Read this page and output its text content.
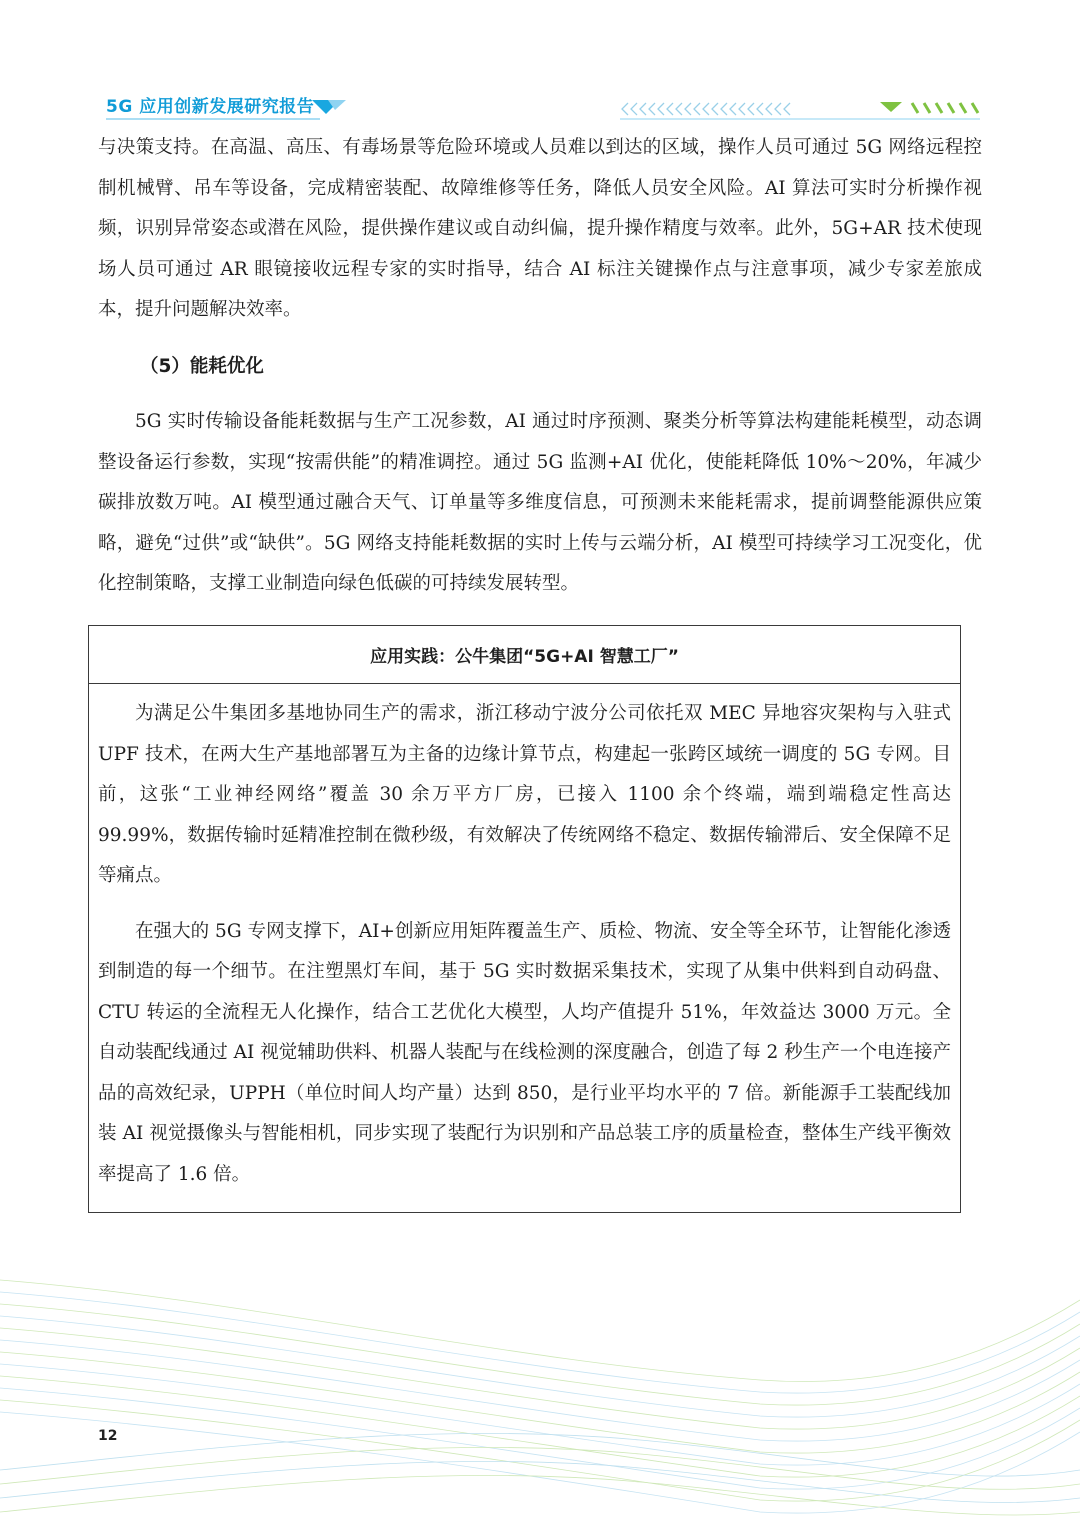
5G 应用创新发展研究报告

与决策支持。在高温、高压、有毒场景等危险环境或人员难以到达的区域，操作人员可通过 5G 网络远程控制机械臂、吊车等设备，完成精密装配、故障维修等任务，降低人员安全风险。AI 算法可实时分析操作视频，识别异常姿态或潜在风险，提供操作建议或自动纠偏，提升操作精度与效率。此外，5G+AR 技术使现场人员可通过 AR 眼镜接收远程专家的实时指导，结合 AI 标注关键操作点与注意事项，减少专家差旅成本，提升问题解决效率。

（5）能耗优化

5G 实时传输设备能耗数据与生产工况参数，AI 通过时序预测、聚类分析等算法构建能耗模型，动态调整设备运行参数，实现“按需供能”的精准调控。通过 5G 监测+AI 优化，使能耗降低 10%～20%，年减少碳排放数万吨。AI 模型通过融合天气、订单量等多维度信息，可预测未来能耗需求，提前调整能源供应策略，避免“过供”或“缺供”。5G 网络支持能耗数据的实时上传与云端分析，AI 模型可持续学习工况变化，优化控制策略，支撑工业制造向绿色低碳的可持续发展转型。

应用实践：公牛集团“5G+AI 智慧工厂”

为满足公牛集团多基地协同生产的需求，浙江移动宁波分公司依托双 MEC 异地容灾架构与入驻式 UPF 技术，在两大生产基地部署互为主备的边缘计算节点，构建起一张跨区域统一调度的 5G 专网。目前，这张“工业神经网络”覆盖 30 余万平方厂房，已接入 1100 余个终端，端到端稳定性高达 99.99%，数据传输时延精准控制在微秒级，有效解决了传统网络不稳定、数据传输滞后、安全保障不足等痛点。

在强大的 5G 专网支撑下，AI+创新应用矩阵覆盖生产、质检、物流、安全等全环节，让智能化渗透到制造的每一个细节。在注塑黑灯车间，基于 5G 实时数据采集技术，实现了从集中供料到自动码盘、CTU 转运的全流程无人化操作，结合工艺优化大模型，人均产值提升 51%，年效益达 3000 万元。全自动装配线通过 AI 视觉辅助供料、机器人装配与在线检测的深度融合，创造了每 2 秒生产一个电连接产品的高效纪录，UPPH（单位时间人均产量）达到 850，是行业平均水平的 7 倍。新能源手工装配线加装 AI 视觉摄像头与智能相机，同步实现了装配行为识别和产品总装工序的质量检查，整体生产线平衡效率提高了 1.6 倍。

12
